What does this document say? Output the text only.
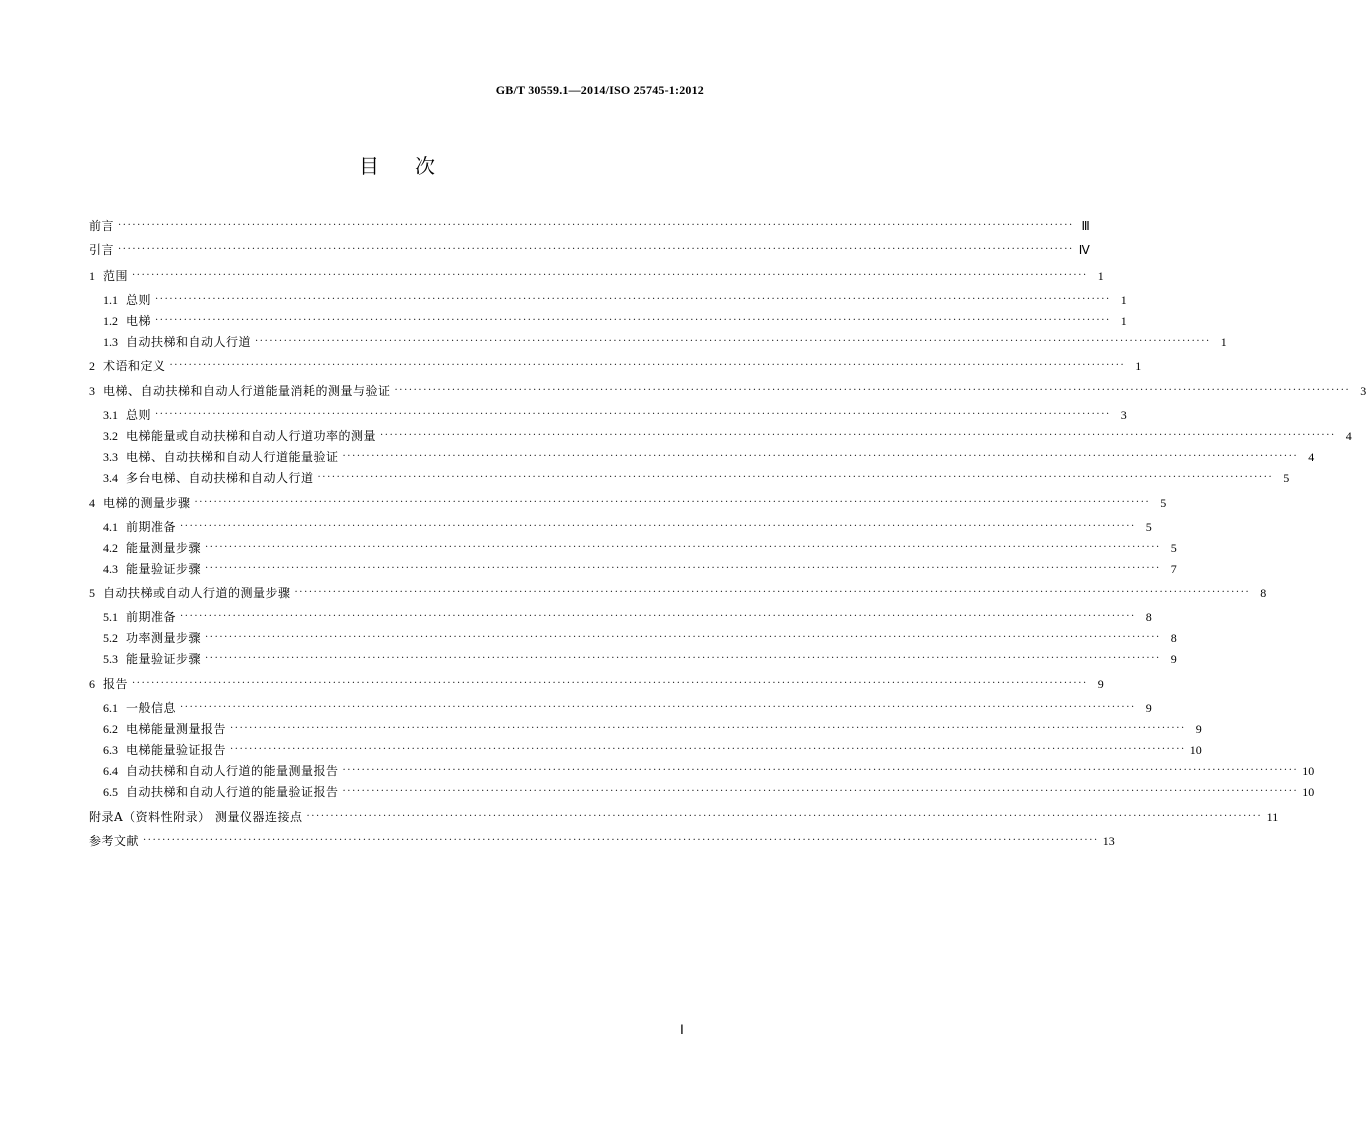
GB/T 30559.1—2014/ISO 25745-1:2012
目次
前言 ········································································································································································································ Ⅲ
引言 ········································································································································································································ Ⅳ
1 范围 ········································································································································································································ 1
1.1 总则 ········································································································································································································ 1
1.2 电梯 ········································································································································································································ 1
1.3 自动扶梯和自动人行道 ········································································································································································································ 1
2 术语和定义 ········································································································································································································ 1
3 电梯、自动扶梯和自动人行道能量消耗的测量与验证 ········································································································································································································ 3
3.1 总则 ········································································································································································································ 3
3.2 电梯能量或自动扶梯和自动人行道功率的测量 ········································································································································································································ 4
3.3 电梯、自动扶梯和自动人行道能量验证 ········································································································································································································ 4
3.4 多台电梯、自动扶梯和自动人行道 ········································································································································································································ 5
4 电梯的测量步骤 ········································································································································································································ 5
4.1 前期准备 ········································································································································································································ 5
4.2 能量测量步骤 ········································································································································································································ 5
4.3 能量验证步骤 ········································································································································································································ 7
5 自动扶梯或自动人行道的测量步骤 ········································································································································································································ 8
5.1 前期准备 ········································································································································································································ 8
5.2 功率测量步骤 ········································································································································································································ 8
5.3 能量验证步骤 ········································································································································································································ 9
6 报告 ········································································································································································································ 9
6.1 一般信息 ········································································································································································································ 9
6.2 电梯能量测量报告 ········································································································································································································ 9
6.3 电梯能量验证报告 ········································································································································································································ 10
6.4 自动扶梯和自动人行道的能量测量报告 ········································································································································································································ 10
6.5 自动扶梯和自动人行道的能量验证报告 ········································································································································································································ 10
附录A（资料性附录） 测量仪器连接点 ········································································································································································································ 11
参考文献 ········································································································································································································ 13
Ⅰ
